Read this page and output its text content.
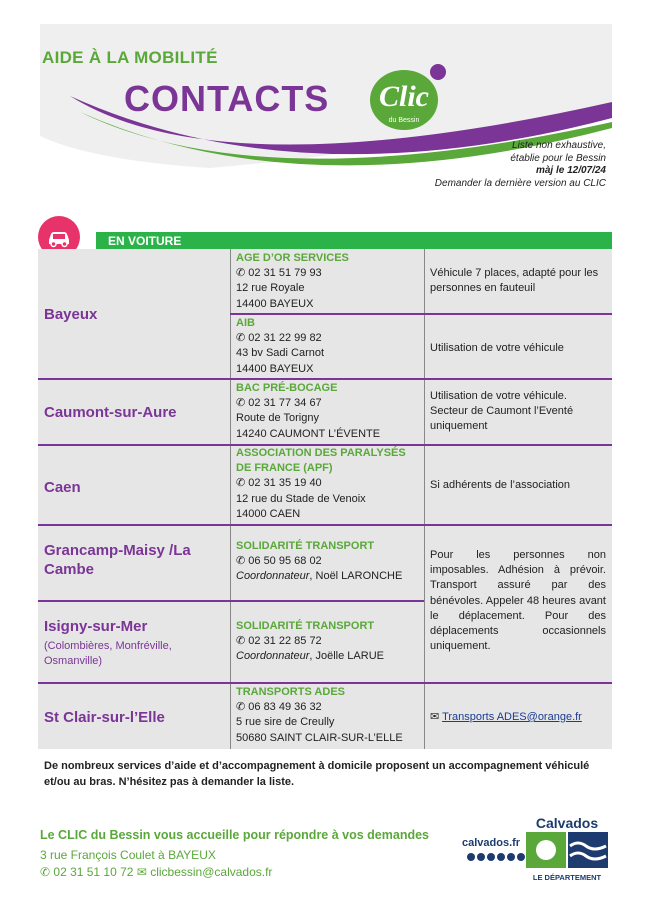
AIDE À LA MOBILITÉ
CONTACTS Clic
du Bessin
Liste non exhaustive,
établie pour le Bessin
màj le 12/07/24
Demander la dernière version au CLIC
EN VOITURE
Bayeux
AGE D’OR SERVICES
✆ 02 31 51 79 93
12 rue Royale
14400 BAYEUX
Véhicule 7 places, adapté pour les personnes en fauteuil
AIB
✆ 02 31 22 99 82
43 bv Sadi Carnot
14400 BAYEUX
Utilisation de votre véhicule
Caumont-sur-Aure
BAC PRÉ-BOCAGE
✆ 02 31 77 34 67
Route de Torigny
14240 CAUMONT L’ÉVENTE
Utilisation de votre véhicule. Secteur de Caumont l’Eventé uniquement
Caen
ASSOCIATION DES PARALYSÉS DE FRANCE (APF)
✆ 02 31 35 19 40
12 rue du Stade de Venoix
14000 CAEN
Si adhérents de l’association
Grancamp-Maisy /La Cambe
SOLIDARITÉ TRANSPORT
✆ 06 50 95 68 02
Coordonnateur, Noël LARONCHE
Pour les personnes non imposables. Adhésion à prévoir. Transport assuré par des bénévoles. Appeler 48 heures avant le déplacement. Pour des déplacements occasionnels uniquement.
Isigny-sur-Mer
(Colombières, Monfréville, Osmanville)
SOLIDARITÉ TRANSPORT
✆ 02 31 22 85 72
Coordonnateur, Joëlle LARUE
St Clair-sur-l’Elle
TRANSPORTS ADES
✆ 06 83 49 36 32
5 rue sire de Creully
50680 SAINT CLAIR-SUR-L’ELLE
✉ Transports ADES@orange.fr
De nombreux services d’aide et d’accompagnement à domicile proposent un accompagnement véhiculé et/ou au bras. N’hésitez pas à demander la liste.
Le CLIC du Bessin vous accueille pour répondre à vos demandes
3 rue François Coulet à BAYEUX
✆ 02 31 51 10 72 ✉ clicbessin@calvados.fr
calvados.fr
Calvados
LE DÉPARTEMENT
